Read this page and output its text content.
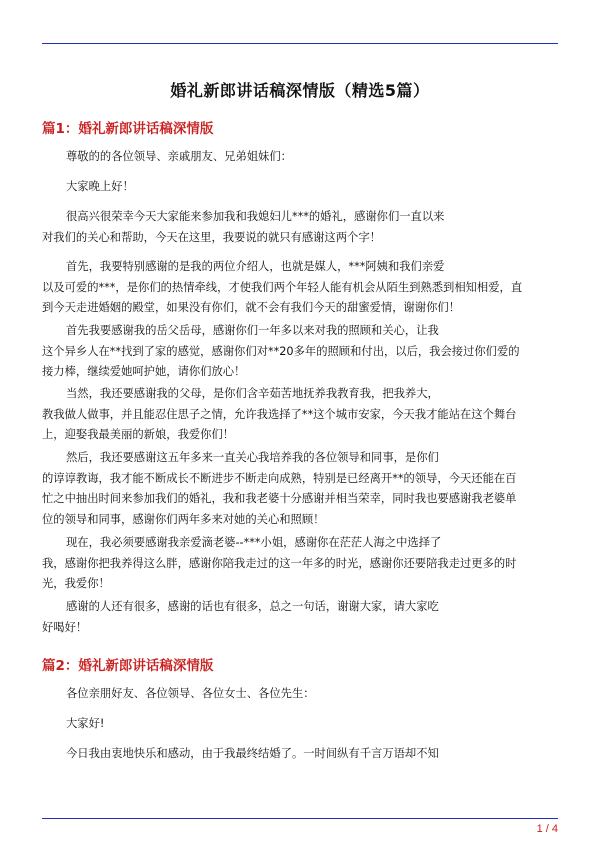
婚礼新郎讲话稿深情版（精选5篇）
篇1：婚礼新郎讲话稿深情版

尊敬的的各位领导、亲戚朋友、兄弟姐妹们：

大家晚上好！

很高兴很荣幸今天大家能来参加我和我媳妇儿***的婚礼，感谢你们一直以来
对我们的关心和帮助，今天在这里，我要说的就只有感谢这两个字！

首先，我要特别感谢的是我的两位介绍人，也就是媒人，***阿姨和我们亲爱
以及可爱的***，是你们的热情牵线，才使我们两个年轻人能有机会从陌生到熟悉到相知相爱，直
到今天走进婚姻的殿堂，如果没有你们，就不会有我们今天的甜蜜爱情，谢谢你们！

首先我要感谢我的岳父岳母，感谢你们一年多以来对我的照顾和关心，让我
这个异乡人在**找到了家的感觉，感谢你们对**20多年的照顾和付出，以后，我会接过你们爱的
接力棒，继续爱她呵护她，请你们放心！

当然，我还要感谢我的父母，是你们含辛茹苦地抚养我教育我，把我养大，
教我做人做事，并且能忍住思子之情，允许我选择了**这个城市安家，今天我才能站在这个舞台
上，迎娶我最美丽的新娘，我爱你们！

然后，我还要感谢这五年多来一直关心我培养我的各位领导和同事，是你们
的谆谆教诲，我才能不断成长不断进步不断走向成熟，特别是已经离开**的领导，今天还能在百
忙之中抽出时间来参加我们的婚礼，我和我老婆十分感谢并相当荣幸，同时我也要感谢我老婆单
位的领导和同事，感谢你们两年多来对她的关心和照顾！

现在，我必须要感谢我亲爱滴老婆--***小姐，感谢你在茫茫人海之中选择了
我，感谢你把我养得这么胖，感谢你陪我走过的这一年多的时光，感谢你还要陪我走过更多的时
光，我爱你！

感谢的人还有很多，感谢的话也有很多，总之一句话，谢谢大家，请大家吃
好喝好！

篇2：婚礼新郎讲话稿深情版

各位亲朋好友、各位领导、各位女士、各位先生：

大家好!

今日我由衷地快乐和感动，由于我最终结婚了。一时间纵有千言万语却不知

1 / 4
